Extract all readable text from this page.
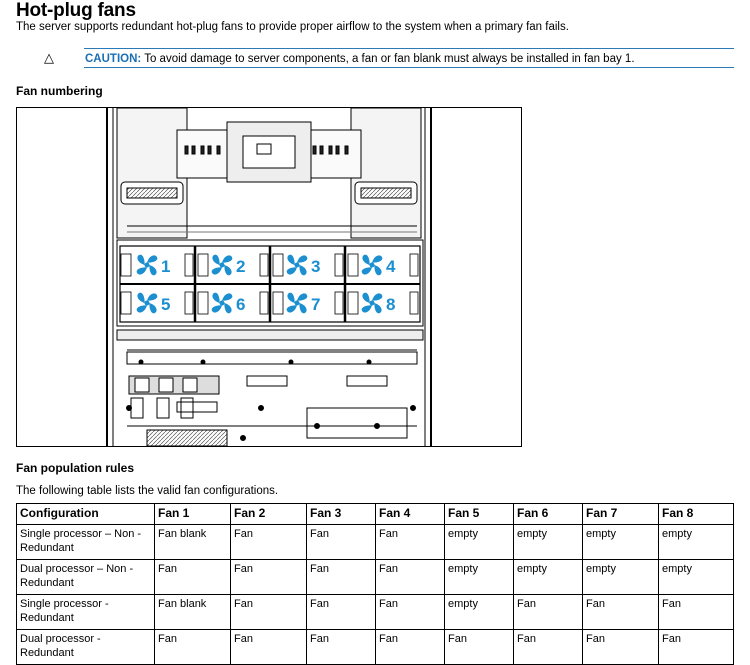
Hot-plug fans
The server supports redundant hot-plug fans to provide proper airflow to the system when a primary fan fails.
△	CAUTION: To avoid damage to server components, a fan or fan blank must always be installed in fan bay 1.
Fan numbering
1	2	3	4
5	6	7	8
Fan population rules
The following table lists the valid fan configurations.
Configuration	Fan 1	Fan 2	Fan 3	Fan 4	Fan 5	Fan 6	Fan 7	Fan 8
Single processor – Non - Redundant	Fan blank	Fan	Fan	Fan	empty	empty	empty	empty
Dual processor – Non - Redundant	Fan	Fan	Fan	Fan	empty	empty	empty	empty
Single processor - Redundant	Fan blank	Fan	Fan	Fan	empty	Fan	Fan	Fan
Dual processor - Redundant	Fan	Fan	Fan	Fan	Fan	Fan	Fan	Fan
